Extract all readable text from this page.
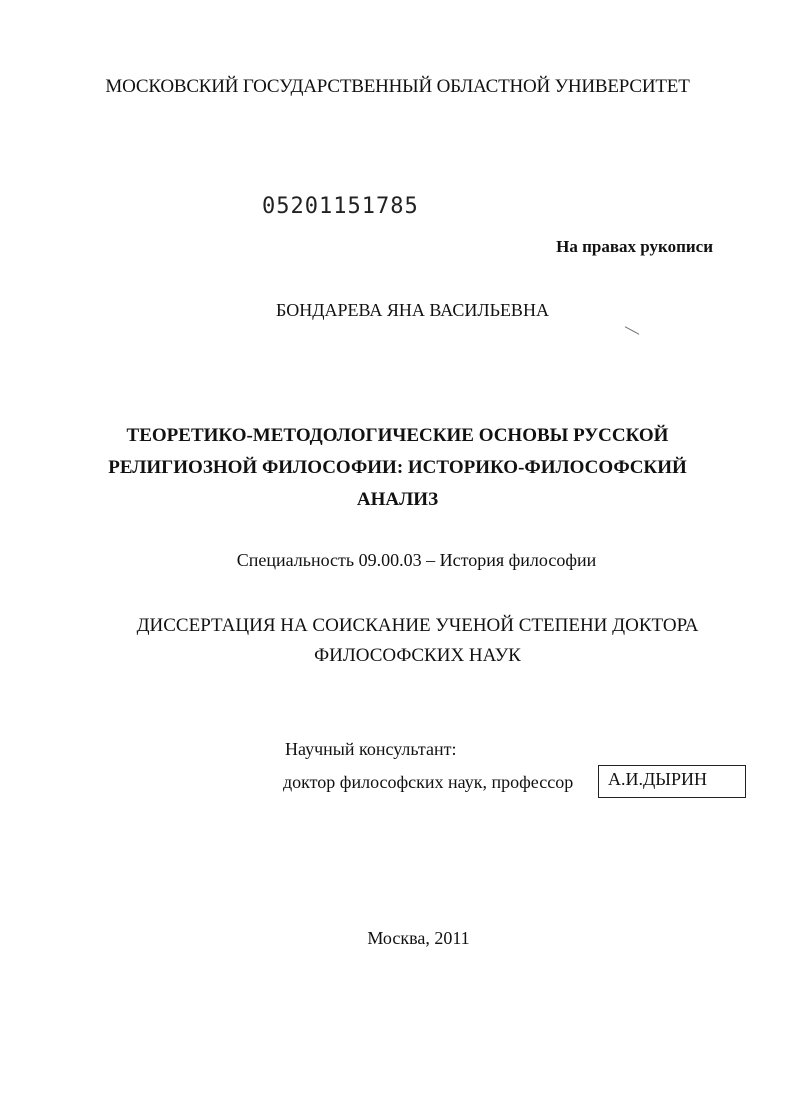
МОСКОВСКИЙ ГОСУДАРСТВЕННЫЙ ОБЛАСТНОЙ УНИВЕРСИТЕТ
05201151785
На правах рукописи
БОНДАРЕВА ЯНА ВАСИЛЬЕВНА
ТЕОРЕТИКО-МЕТОДОЛОГИЧЕСКИЕ ОСНОВЫ РУССКОЙ
РЕЛИГИОЗНОЙ ФИЛОСОФИИ: ИСТОРИКО-ФИЛОСОФСКИЙ
АНАЛИЗ
Специальность 09.00.03 – История философии
ДИССЕРТАЦИЯ НА СОИСКАНИЕ УЧЕНОЙ СТЕПЕНИ ДОКТОРА
ФИЛОСОФСКИХ НАУК
Научный консультант:
доктор философских наук, профессор	А.И.ДЫРИН
Москва, 2011
